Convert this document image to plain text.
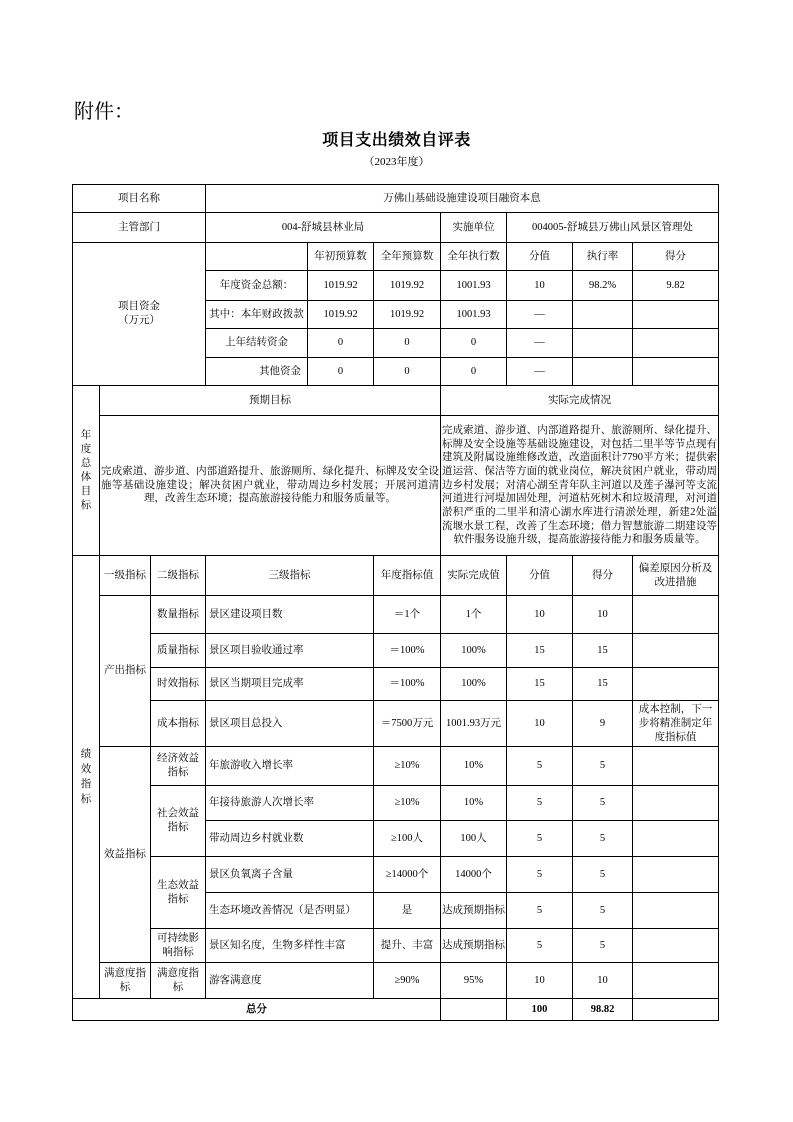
附件：
项目支出绩效自评表
（2023年度）
项目名称			万佛山基础设施建设项目融资本息						
主管部门			004-舒城县林业局			实施单位	004005-舒城县万佛山风景区管理处		

项目资金
（万元）				年初预算数	全年预算数	全年执行数	分值	执行率	得分
			年度资金总额：	1019.92	1019.92	1001.93	10	98.2%	9.82
			其中：本年财政拨款	1019.92	1019.92	1001.93	—		
			上年结转资金	0	0	0	—		
			其他资金	0	0	0	—		

年度总体目标	预期目标					实际完成情况			
	完成索道、游步道、内部道路提升、旅游厕所、绿化提升、标牌及安全设施等基础设施建设；解决贫困户就业，带动周边乡村发展；开展河道清理，改善生态环境；提高旅游接待能力和服务质量等。					完成索道、游步道、内部道路提升、旅游厕所、绿化提升、标牌及安全设施等基础设施建设，对包括二里半等节点现有建筑及附属设施维修改造，改造面积计7790平方米；提供索道运营、保洁等方面的就业岗位，解决贫困户就业，带动周边乡村发展；对清心湖至青年队主河道以及莲子瀑河等支流河道进行河堤加固处理，河道枯死树木和垃圾清理，对河道淤积严重的二里半和清心湖水库进行清淤处理，新建2处溢流堰水景工程，改善了生态环境；借力智慧旅游二期建设等软件服务设施升级，提高旅游接待能力和服务质量等。			

绩效指标	一级指标	二级指标	三级指标		年度指标值	实际完成值	分值	得分	偏差原因分析及改进措施
	产出指标	数量指标	景区建设项目数		＝1个	1个	10	10	
		质量指标	景区项目验收通过率		＝100%	100%	15	15	
		时效指标	景区当期项目完成率		＝100%	100%	15	15	
		成本指标	景区项目总投入		＝7500万元	1001.93万元	10	9	成本控制，下一步将精准制定年度指标值
	效益指标	经济效益指标	年旅游收入增长率		≥10%	10%	5	5	
		社会效益指标	年接待旅游人次增长率		≥10%	10%	5	5	
			带动周边乡村就业数		≥100人	100人	5	5	
		生态效益指标	景区负氧离子含量		≥14000个	14000个	5	5	
			生态环境改善情况（是否明显）		是	达成预期指标	5	5	
		可持续影响指标	景区知名度，生物多样性丰富		提升、丰富	达成预期指标	5	5	
	满意度指标	满意度指标	游客满意度		≥90%	95%	10	10	
总分							100	98.82	
